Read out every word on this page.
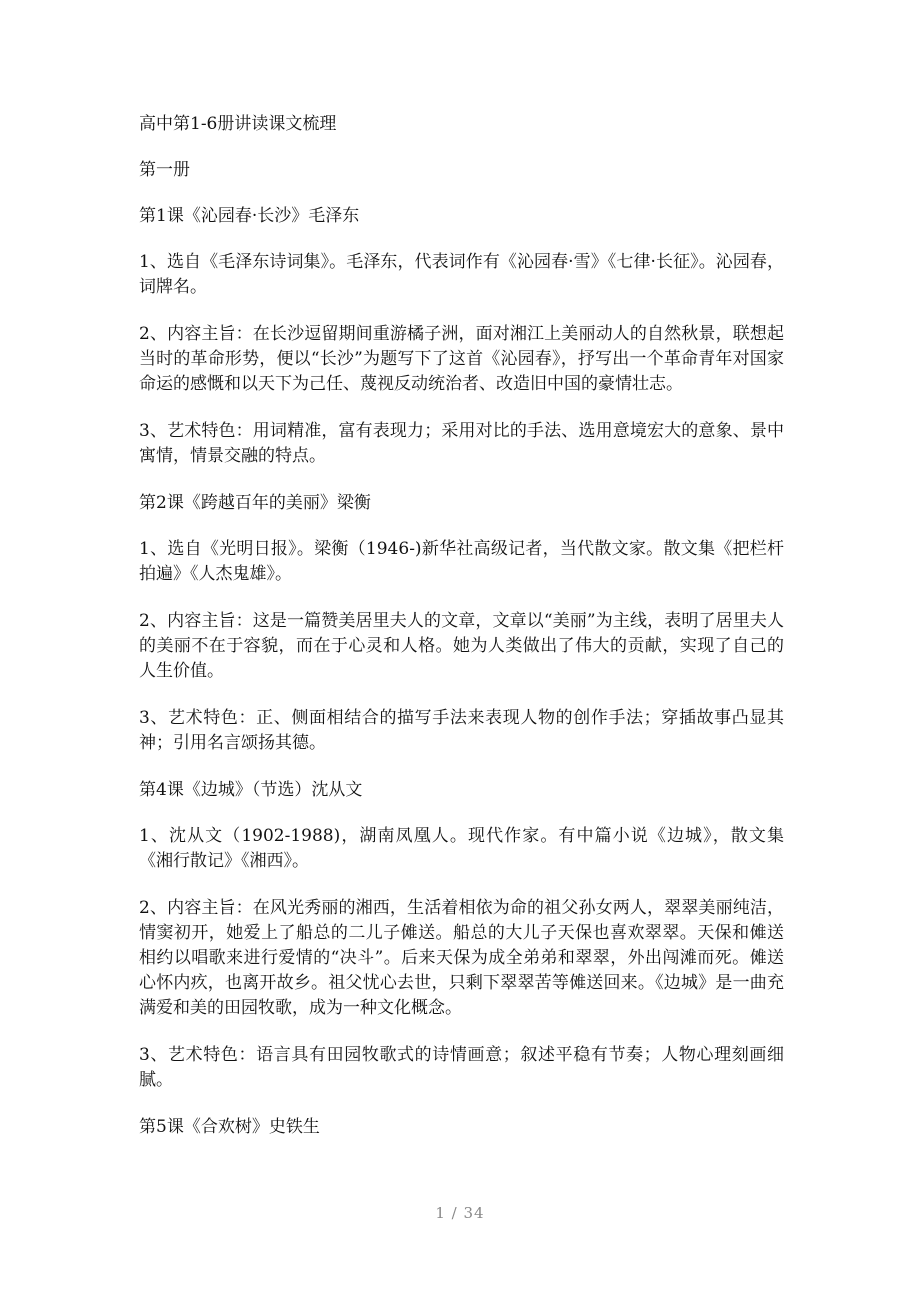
高中第1-6册讲读课文梳理

第一册

第1课《沁园春·长沙》毛泽东

1、选自《毛泽东诗词集》。毛泽东，代表词作有《沁园春·雪》《七律·长征》。沁园春，词牌名。

2、内容主旨：在长沙逗留期间重游橘子洲，面对湘江上美丽动人的自然秋景，联想起当时的革命形势，便以“长沙”为题写下了这首《沁园春》，抒写出一个革命青年对国家命运的感慨和以天下为己任、蔑视反动统治者、改造旧中国的豪情壮志。

3、艺术特色：用词精准，富有表现力；采用对比的手法、选用意境宏大的意象、景中寓情，情景交融的特点。

第2课《跨越百年的美丽》梁衡

1、选自《光明日报》。梁衡（1946-)新华社高级记者，当代散文家。散文集《把栏杆拍遍》《人杰鬼雄》。

2、内容主旨：这是一篇赞美居里夫人的文章，文章以“美丽”为主线，表明了居里夫人的美丽不在于容貌，而在于心灵和人格。她为人类做出了伟大的贡献，实现了自己的人生价值。

3、艺术特色：正、侧面相结合的描写手法来表现人物的创作手法；穿插故事凸显其神；引用名言颂扬其德。

第4课《边城》（节选）沈从文

1、沈从文（1902-1988)，湖南凤凰人。现代作家。有中篇小说《边城》，散文集《湘行散记》《湘西》。

2、内容主旨：在风光秀丽的湘西，生活着相依为命的祖父孙女两人，翠翠美丽纯洁，情窦初开，她爱上了船总的二儿子傩送。船总的大儿子天保也喜欢翠翠。天保和傩送相约以唱歌来进行爱情的“决斗”。后来天保为成全弟弟和翠翠，外出闯滩而死。傩送心怀内疚，也离开故乡。祖父忧心去世，只剩下翠翠苦等傩送回来。《边城》是一曲充满爱和美的田园牧歌，成为一种文化概念。

3、艺术特色：语言具有田园牧歌式的诗情画意；叙述平稳有节奏；人物心理刻画细腻。

第5课《合欢树》史铁生

1 / 34
